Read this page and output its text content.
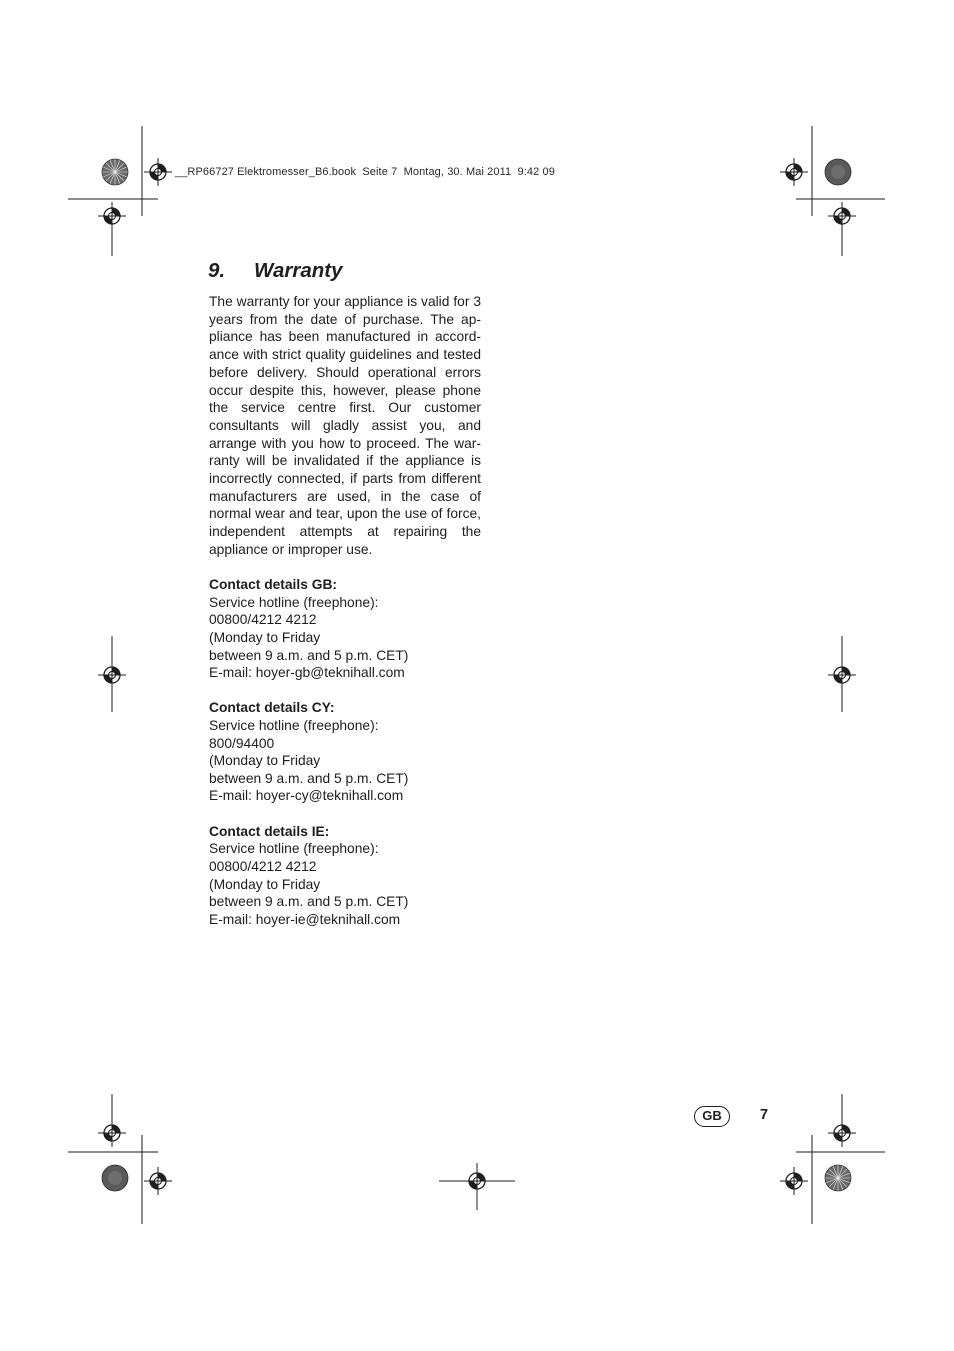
__RP66727 Elektromesser_B6.book  Seite 7  Montag, 30. Mai 2011  9:42 09
9. Warranty

The warranty for your appliance is valid for 3 years from the date of purchase. The appliance has been manufactured in accordance with strict quality guidelines and tested before delivery. Should operational errors occur despite this, however, please phone the service centre first. Our customer consultants will gladly assist you, and arrange with you how to proceed. The warranty will be invalidated if the appliance is incorrectly connected, if parts from different manufacturers are used, in the case of normal wear and tear, upon the use of force, independent attempts at repairing the appliance or improper use.

Contact details GB:
Service hotline (freephone):
00800/4212 4212
(Monday to Friday
between 9 a.m. and 5 p.m. CET)
E-mail: hoyer-gb@teknihall.com
Contact details CY:
Service hotline (freephone):
800/94400
(Monday to Friday
between 9 a.m. and 5 p.m. CET)
E-mail: hoyer-cy@teknihall.com
Contact details IE:
Service hotline (freephone):
00800/4212 4212
(Monday to Friday
between 9 a.m. and 5 p.m. CET)
E-mail: hoyer-ie@teknihall.com
GB	7
